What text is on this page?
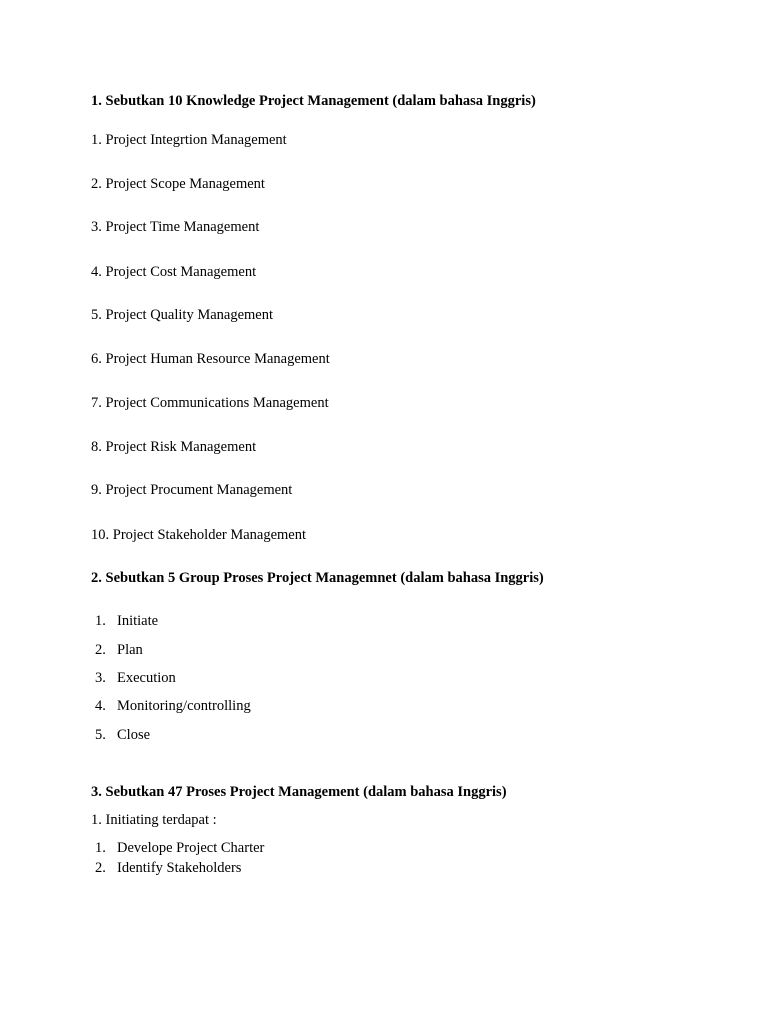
1. Sebutkan 10 Knowledge Project Management (dalam bahasa Inggris)
1. Project Integrtion Management
2. Project Scope Management
3. Project Time Management
4. Project Cost Management
5. Project Quality Management
6. Project Human Resource Management
7. Project Communications Management
8. Project Risk Management
9. Project Procument Management
10. Project Stakeholder Management
2. Sebutkan 5 Group Proses Project Managemnet (dalam bahasa Inggris)
1. Initiate
2. Plan
3. Execution
4. Monitoring/controlling
5. Close
3. Sebutkan 47 Proses Project Management (dalam bahasa Inggris)
1. Initiating terdapat :
1. Develope Project Charter
2. Identify Stakeholders
